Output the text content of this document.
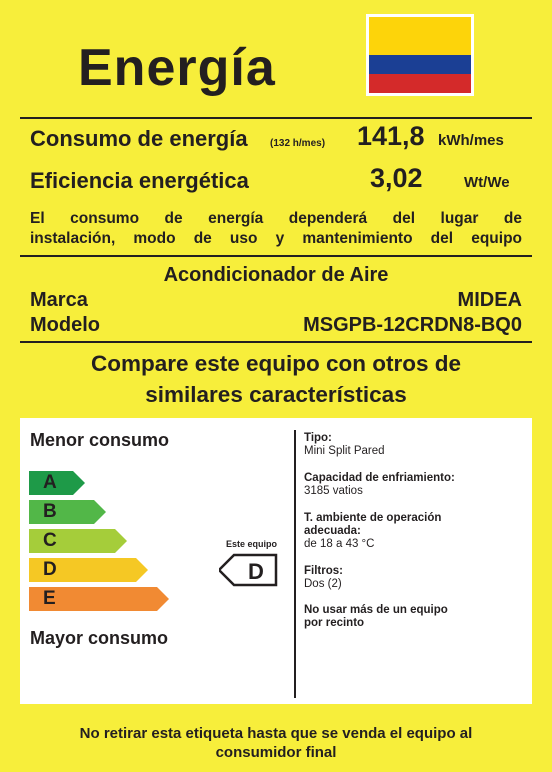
Energía
Consumo de energía (132 h/mes) 141,8 kWh/mes
Eficiencia energética	3,02	Wt/We
El consumo de energía dependerá del lugar de
instalación, modo de uso y mantenimiento del equipo
Acondicionador de Aire
Marca	MIDEA
Modelo	MSGPB-12CRDN8-BQ0
Compare este equipo con otros de
similares características
Menor consumo
A
B
C
D
E
Mayor consumo
Este equipo
D
Tipo:
Mini Split Pared
Capacidad de enfriamiento:
3185 vatios
T. ambiente de operación
adecuada:
de 18 a 43 °C
Filtros:
Dos (2)
No usar más de un equipo
por recinto
No retirar esta etiqueta hasta que se venda el equipo al
consumidor final
